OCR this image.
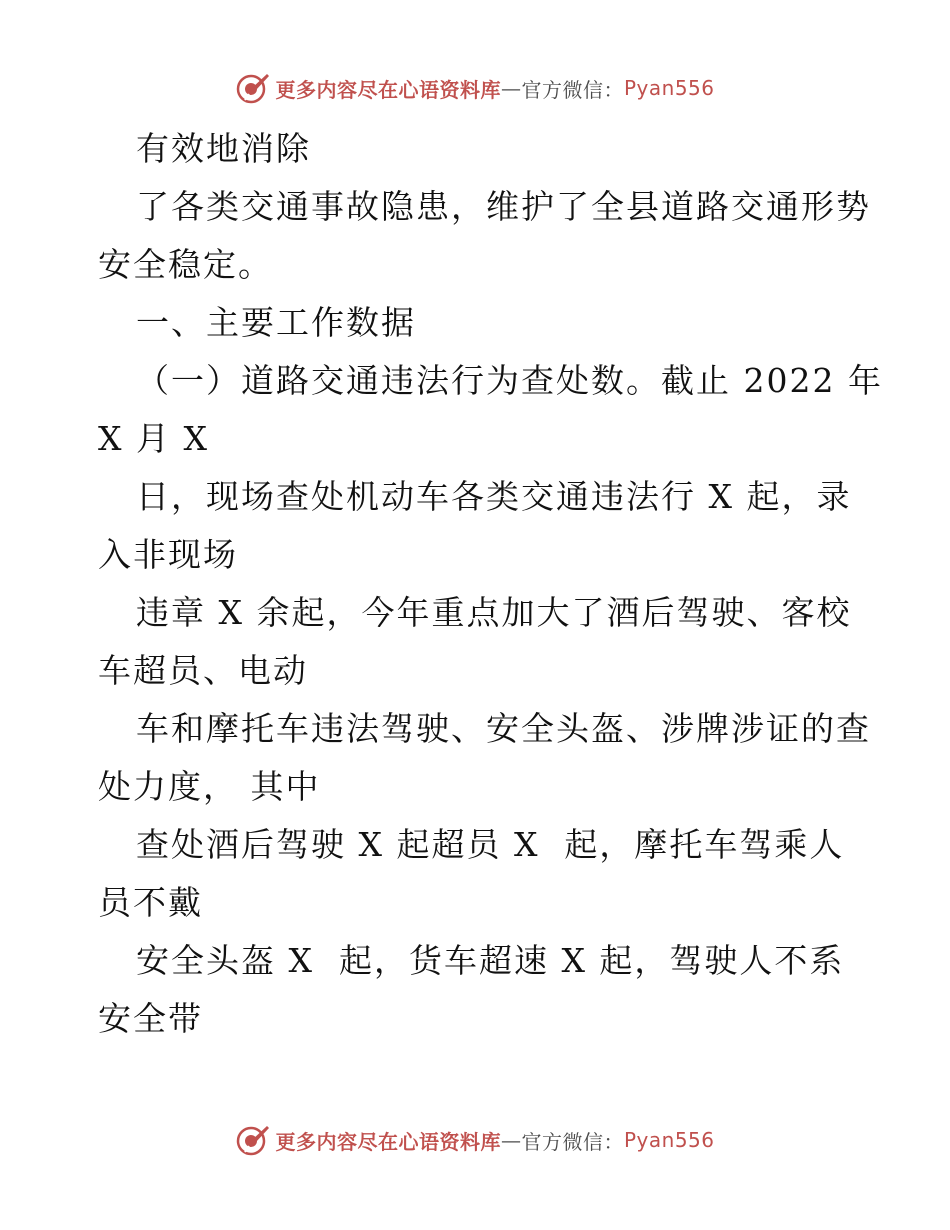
更多内容尽在心语资料库 — 官方微信： Pyan556
有效地消除
了各类交通事故隐患，维护了全县道路交通形势
安全稳定。
一、主要工作数据
（一）道路交通违法行为查处数。截止 2022 年
X 月 X
日，现场查处机动车各类交通违法行 X 起，录
入非现场
违章 X 余起，今年重点加大了酒后驾驶、客校
车超员、电动
车和摩托车违法驾驶、安全头盔、涉牌涉证的查
处力度， 其中
查处酒后驾驶 X 起超员 X  起，摩托车驾乘人
员不戴
安全头盔 X  起，货车超速 X 起，驾驶人不系
安全带
更多内容尽在心语资料库 — 官方微信： Pyan556
